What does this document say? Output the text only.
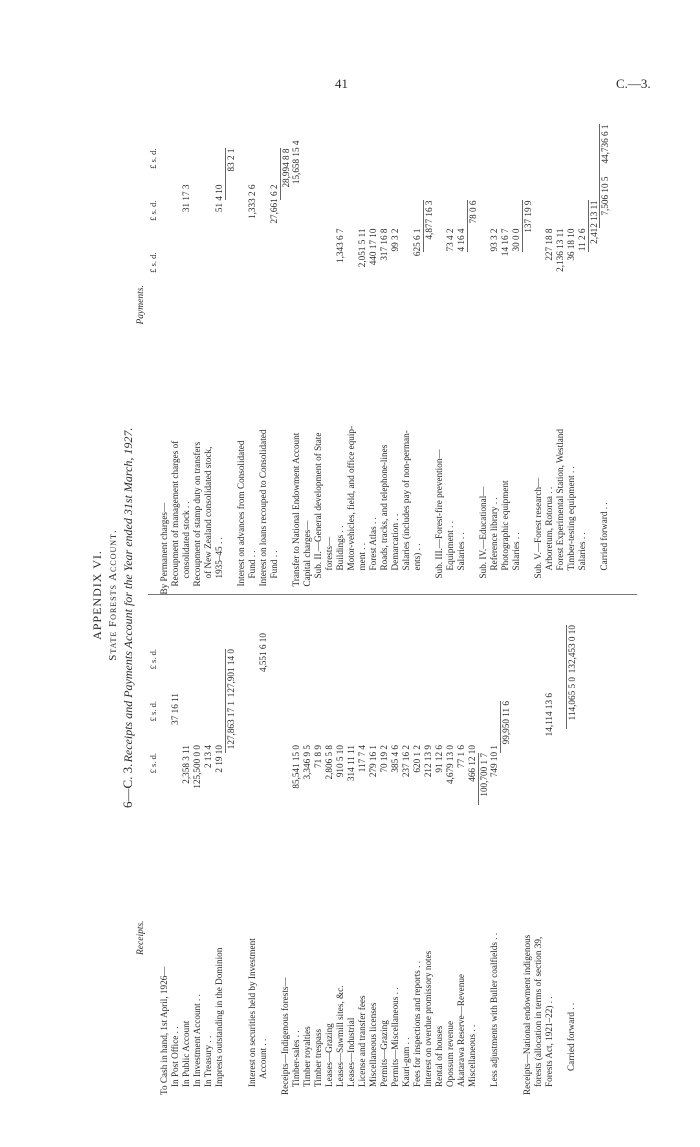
41	C.—3.
6—C. 3.
APPENDIX VI. State Forests Account. Receipts and Payments Account for the Year ended 31st March, 1927.
Receipts.
£ s. d.
£ s. d.
£ s. d.
To Cash in hand, 1st April, 1926— In Post Office . .
37 16 11
In Public Account
2,358 3 11
In Investment Account . .
125,500 0 0
In Treasury . .
2 13 4
Imprests outstanding in the Dominion
2 19 10
127,863 17 1
127,901 14 0
Interest on securities held by Investment Account . .
4,551 6 10
Receipts—Indigenous forests— Timber-sales . .
85,541 15 0
Timber royalties
3,346 9 5
Timber trespass
71 8 9
Leases—Grazing
2,806 5 8
Leases—Sawmill sites, &c.
910 5 10
Leases—Industrial
314 11 11
License and transfer fees
117 7 4
Miscellaneous licenses
279 16 1
Permits—Grazing
70 19 2
Permits—Miscellaneous . .
385 4 6
Kauri-gum . .
237 16 2
Fees for inspections and reports . .
620 1 2
Interest on overdue promissory notes
212 13 9
Rental of houses
91 12 6
Opossum revenue
4,679 13 0
Akatarawa Reserve—Revenue
77 1 6
Miscellaneous . .
466 12 10 100,700 1 7
Less adjustments with Buller coalfields . .
749 10 1
99,950 11 6
Receipts—National endowment indigenous forests (allocation in terms of section 39, Forests Act, 1921–22) . .
14,114 13 6
Carried forward . .
114,065 5 0
132,453 0 10
Payments.
£ s. d.
£ s. d.
£ s. d.
By Permanent charges— Recoupment of management charges of consolidated stock . .
31 17 3
Recoupment of stamp duty on transfers of New Zealand consolidated stock, 1935–45 . .
51 4 10
83 2 1
Interest on advances from Consolidated Fund . .
1,333 2 6
Interest on loans recouped to Consolidated Fund . .
27,661 6 2
28,994 8 8
Transfer to National Endowment Account
15,658 15 4
Capital charges— Sub. II.—General development of State forests— Buildings . .
1,343 6 7
Motor-vehicles, field, and office equip- ment . .
2,051 5 11
Forest Atlas . .
440 17 10
Roads, tracks, and telephone-lines
317 16 8
Demarcation . .
99 3 2
Salaries (includes pay of non-perman- ents) . .
625 6 1
4,877 16 3
Sub. III.—Forest-fire prevention— Equipment . .
73 4 2
Salaries . .
4 16 4
78 0 6
Sub. IV.—Educational— Reference library . .
93 3 2
Photographic equipment
14 16 7
Salaries . .
30 0 0
137 19 9
Sub. V.—Forest research— Arboretum, Rotorua . .
227 18 8
Forest Experimental Station, Westland
2,136 13 11
Timber-testing equipment . .
36 18 10
Salaries . .
11 2 6 2,412 13 11
Carried forward . .
7,506 10 5
44,736 6 1
